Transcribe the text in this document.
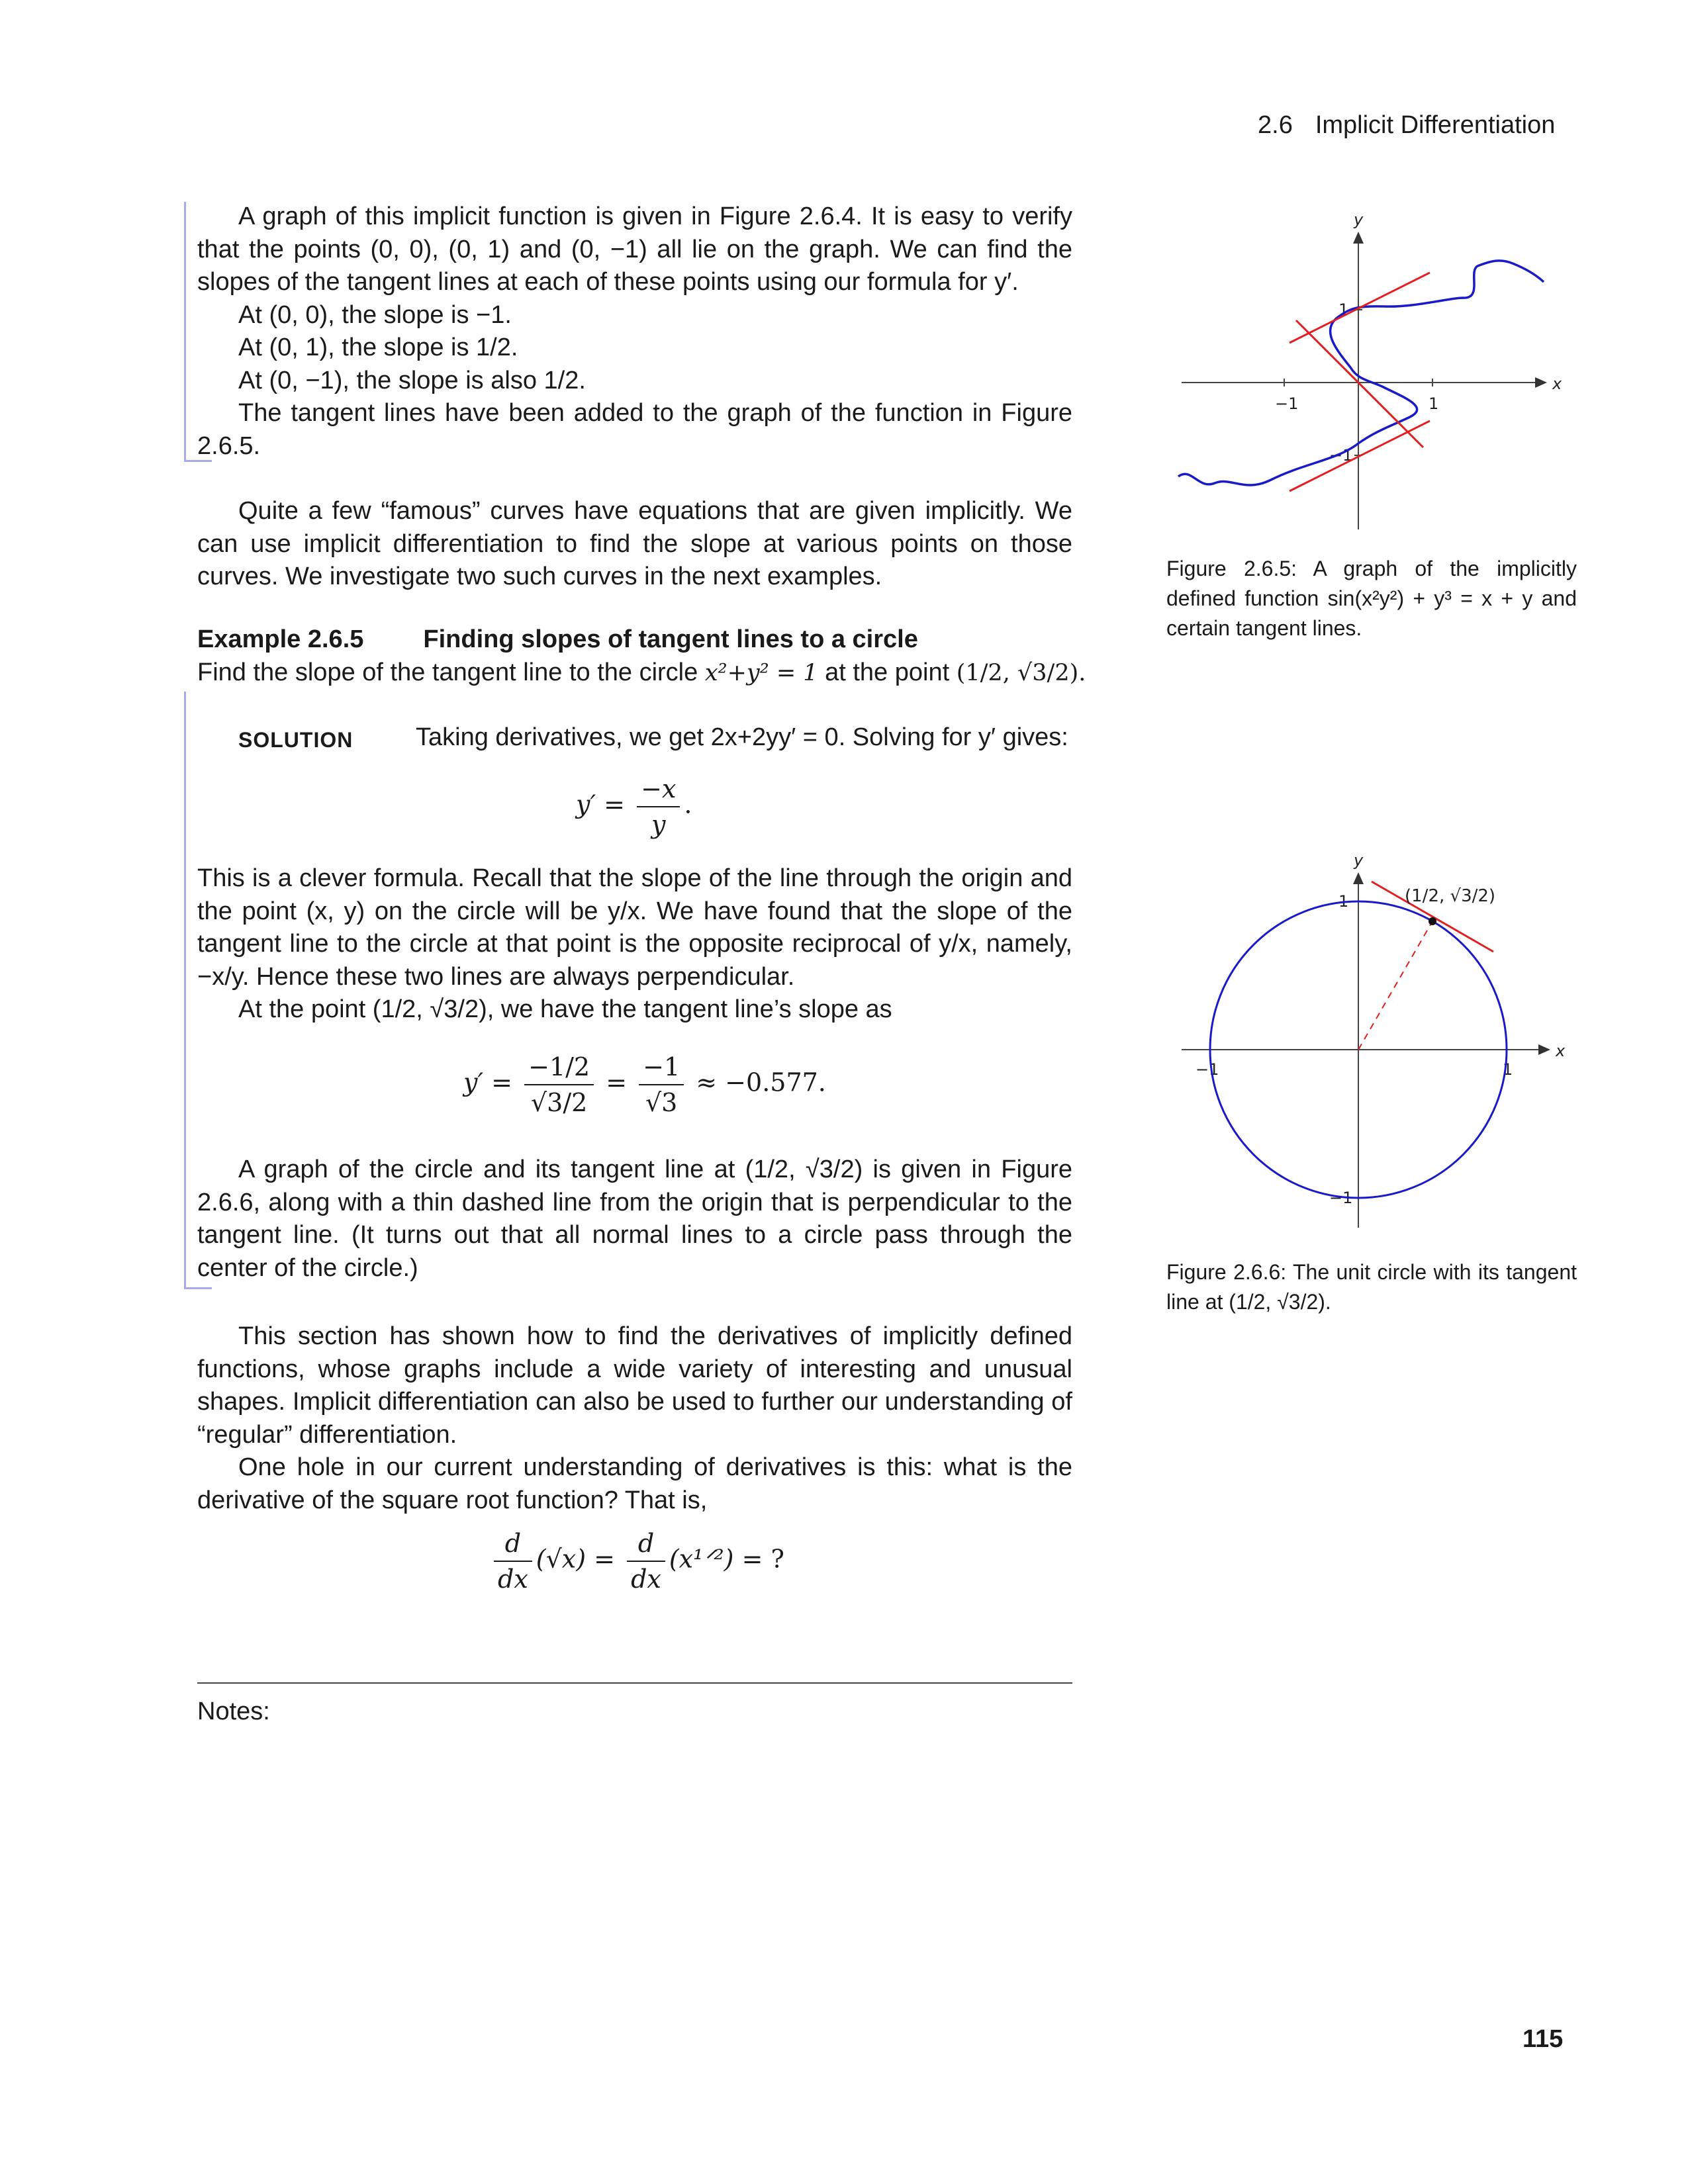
2.6 Implicit Differentiation

A graph of this implicit function is given in Figure 2.6.4. It is easy to verify that the points (0, 0), (0, 1) and (0, −1) all lie on the graph. We can find the slopes of the tangent lines at each of these points using our formula for y′.

At (0, 0), the slope is −1.

At (0, 1), the slope is 1/2.

At (0, −1), the slope is also 1/2.

The tangent lines have been added to the graph of the function in Figure 2.6.5.

Quite a few “famous” curves have equations that are given implicitly. We can use implicit differentiation to find the slope at various points on those curves. We investigate two such curves in the next examples.

Example 2.6.5 Finding slopes of tangent lines to a circle
Find the slope of the tangent line to the circle x²+y² = 1 at the point (1/2, √3/2).
SOLUTION Taking derivatives, we get 2x+2yy′ = 0. Solving for y′ gives:
$y' = \frac{-x}{y}$ .

This is a clever formula. Recall that the slope of the line through the origin and the point (x, y) on the circle will be y/x. We have found that the slope of the tangent line to the circle at that point is the opposite reciprocal of y/x, namely, −x/y. Hence these two lines are always perpendicular.

At the point (1/2, √3/2), we have the tangent line’s slope as

$y' = \frac{-1/2}{√3/2} = \frac{-1}{√3} \approx -0.577$.

A graph of the circle and its tangent line at (1/2, √3/2) is given in Figure 2.6.6, along with a thin dashed line from the origin that is perpendicular to the tangent line. (It turns out that all normal lines to a circle pass through the center of the circle.)

This section has shown how to find the derivatives of implicitly defined functions, whose graphs include a wide variety of interesting and unusual shapes. Implicit differentiation can also be used to further our understanding of “regular” differentiation.

One hole in our current understanding of derivatives is this: what is the derivative of the square root function? That is,

$\frac{d}{dx} (√x) = \frac{d}{dx}$ (x¹ᐟ²) = ?
Notes:
x
y
−1	1
1
−1
Figure 2.6.5: A graph of the implicitly defined function sin(x²y²) + y³ = x + y and certain tangent lines.
x
y
−1	1
1
−1
(1/2, √3/2)
Figure 2.6.6: The unit circle with its tangent line at (1/2, √3/2).
115
